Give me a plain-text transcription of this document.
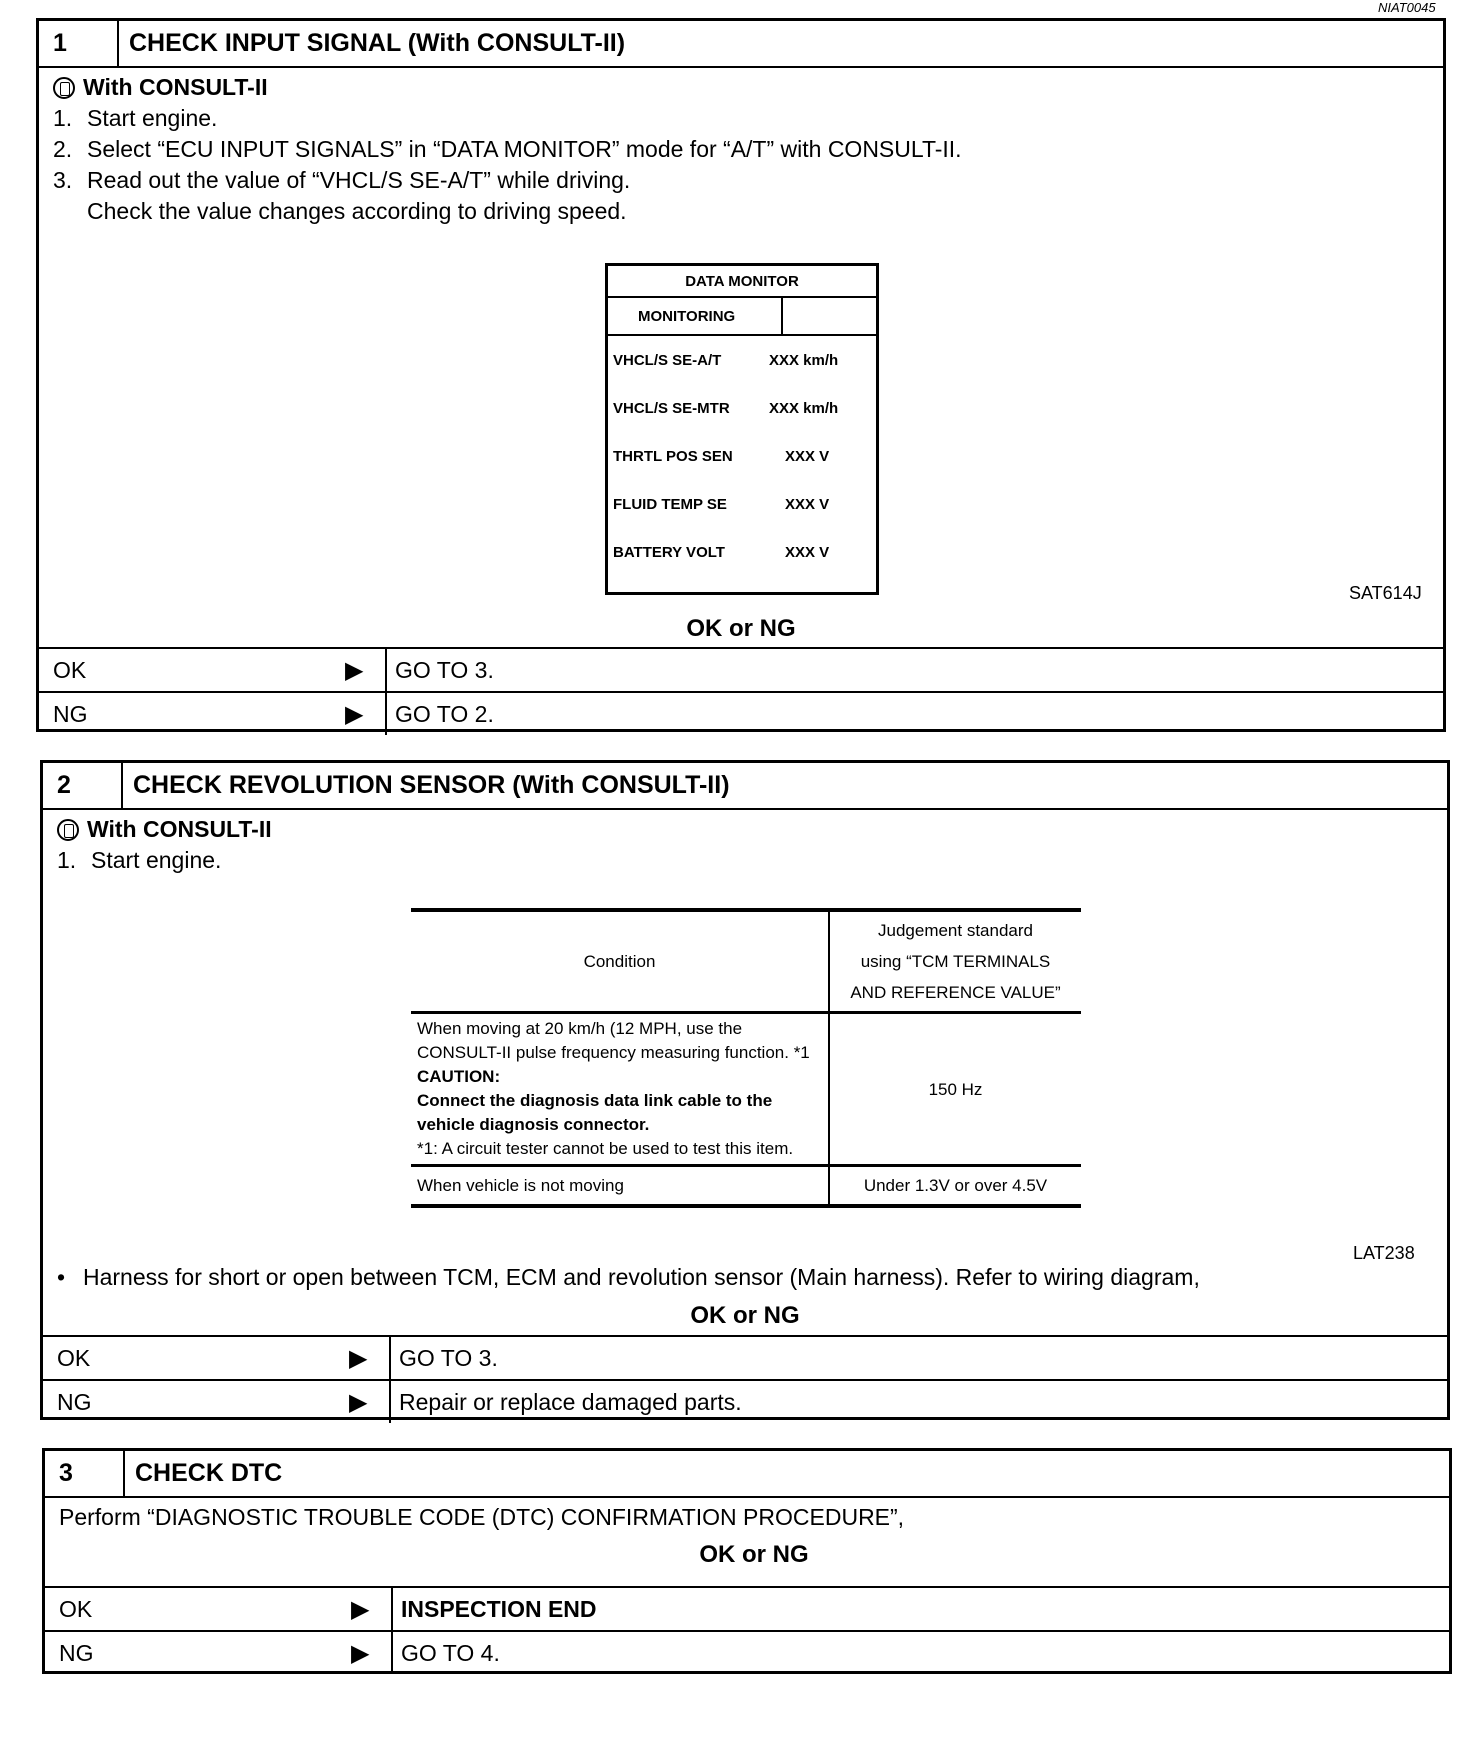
NIAT0045
1	CHECK INPUT SIGNAL (With CONSULT-II)
With CONSULT-II
1. Start engine.
2. Select “ECU INPUT SIGNALS” in “DATA MONITOR” mode for “A/T” with CONSULT-II.
3. Read out the value of “VHCL/S SE-A/T” while driving.
Check the value changes according to driving speed.
DATA MONITOR
MONITORING
VHCL/S SE-A/T	XXX km/h
VHCL/S SE-MTR	XXX km/h
THRTL POS SEN	XXX V
FLUID TEMP SE	XXX V
BATTERY VOLT	XXX V
SAT614J
OK or NG
OK	▶	GO TO 3.
NG	▶	GO TO 2.
2	CHECK REVOLUTION SENSOR (With CONSULT-II)
With CONSULT-II
1. Start engine.
Condition	Judgement standard
using “TCM TERMINALS
AND REFERENCE VALUE”

When moving at 20 km/h (12 MPH, use the CONSULT-II pulse frequency measuring function. *1
CAUTION:
Connect the diagnosis data link cable to the vehicle diagnosis connector.
*1: A circuit tester cannot be used to test this item.	150 Hz
When vehicle is not moving	Under 1.3V or over 4.5V
LAT238
• Harness for short or open between TCM, ECM and revolution sensor (Main harness). Refer to wiring diagram,
OK or NG
OK	▶	GO TO 3.
NG	▶	Repair or replace damaged parts.
3	CHECK DTC
Perform “DIAGNOSTIC TROUBLE CODE (DTC) CONFIRMATION PROCEDURE”,
OK or NG
OK	▶	INSPECTION END
NG	▶	GO TO 4.
